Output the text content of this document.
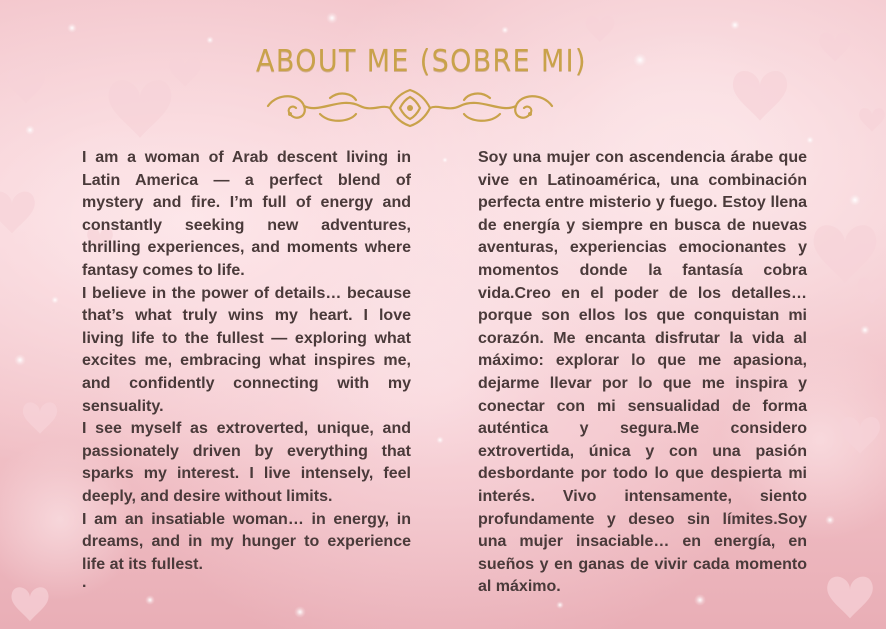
ABOUT ME (SOBRE MI)

I am a woman of Arab descent living in Latin America — a perfect blend of mystery and fire. I’m full of energy and constantly seeking new adventures, thrilling experiences, and moments where fantasy comes to life.

I believe in the power of details… because that’s what truly wins my heart. I love living life to the fullest — exploring what excites me, embracing what inspires me, and confidently connecting with my sensuality.

I see myself as extroverted, unique, and passionately driven by everything that sparks my interest. I live intensely, feel deeply, and desire without limits.

I am an insatiable woman… in energy, in dreams, and in my hunger to experience life at its fullest.

.

Soy una mujer con ascendencia árabe que vive en Latinoamérica, una combinación perfecta entre misterio y fuego. Estoy llena de energía y siempre en busca de nuevas aventuras, experiencias emocionantes y momentos donde la fantasía cobra vida.Creo en el poder de los detalles… porque son ellos los que conquistan mi corazón. Me encanta disfrutar la vida al máximo: explorar lo que me apasiona, dejarme llevar por lo que me inspira y conectar con mi sensualidad de forma auténtica y segura.Me considero extrovertida, única y con una pasión desbordante por todo lo que despierta mi interés. Vivo intensamente, siento profundamente y deseo sin límites.Soy una mujer insaciable… en energía, en sueños y en ganas de vivir cada momento al máximo.
